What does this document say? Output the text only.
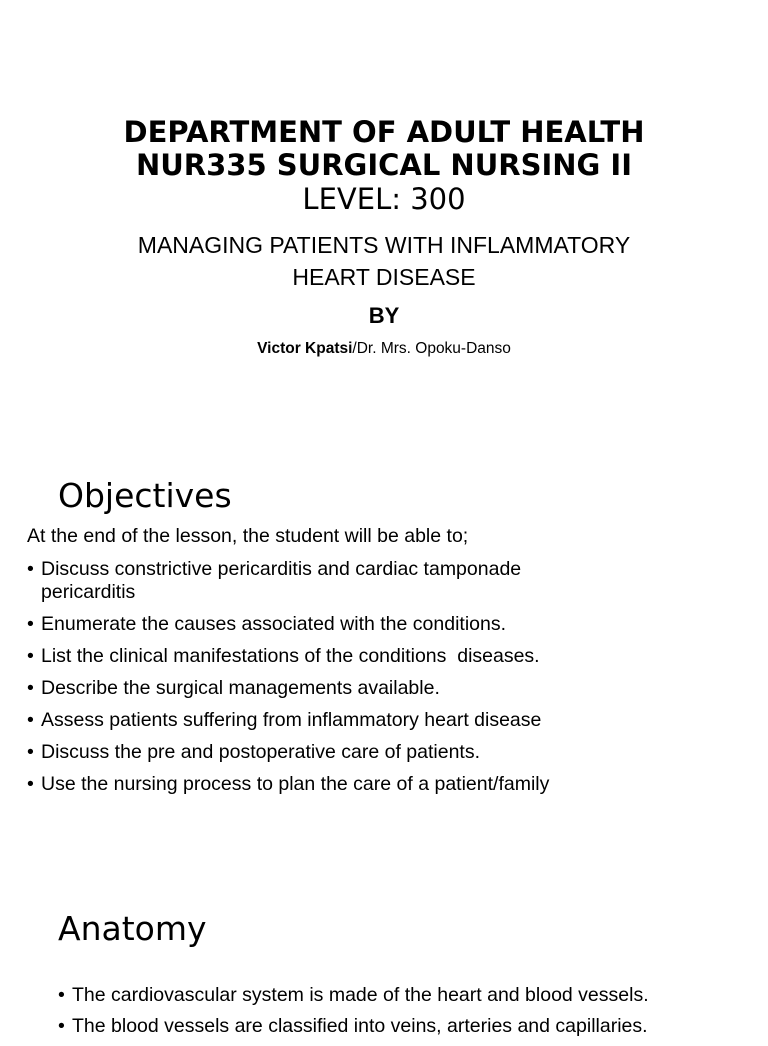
DEPARTMENT OF ADULT HEALTH
NUR335 SURGICAL NURSING II
LEVEL: 300
MANAGING PATIENTS WITH INFLAMMATORY
HEART DISEASE
BY
Victor Kpatsi/Dr. Mrs. Opoku-Danso
Objectives
At the end of the lesson, the student will be able to;
• Discuss constrictive pericarditis and cardiac tamponade pericarditis
• Enumerate the causes associated with the conditions.
• List the clinical manifestations of the conditions  diseases.
• Describe the surgical managements available.
• Assess patients suffering from inflammatory heart disease
• Discuss the pre and postoperative care of patients.
• Use the nursing process to plan the care of a patient/family
Anatomy
• The cardiovascular system is made of the heart and blood vessels.
• The blood vessels are classified into veins, arteries and capillaries.
